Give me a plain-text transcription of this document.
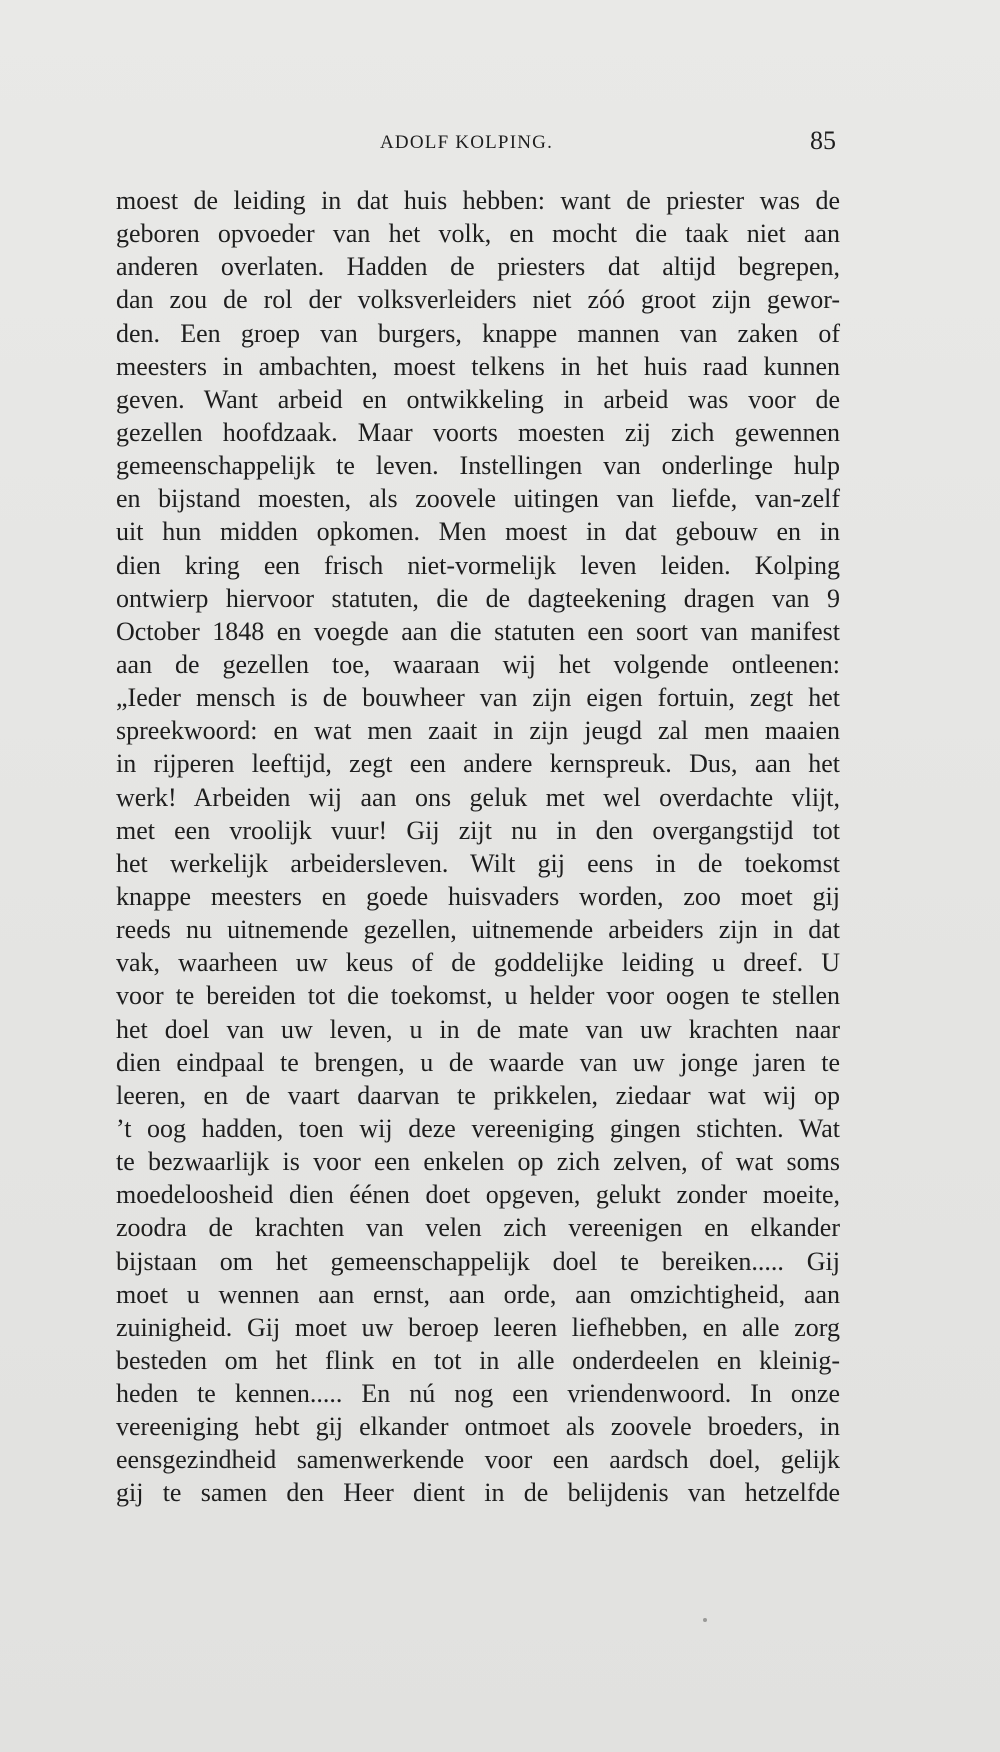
ADOLF KOLPING.	85
moest de leiding in dat huis hebben: want de priester was de
geboren opvoeder van het volk, en mocht die taak niet aan
anderen overlaten. Hadden de priesters dat altijd begrepen,
dan zou de rol der volksverleiders niet zóó groot zijn gewor-
den. Een groep van burgers, knappe mannen van zaken of
meesters in ambachten, moest telkens in het huis raad kunnen
geven. Want arbeid en ontwikkeling in arbeid was voor de
gezellen hoofdzaak. Maar voorts moesten zij zich gewennen
gemeenschappelijk te leven. Instellingen van onderlinge hulp
en bijstand moesten, als zoovele uitingen van liefde, van-zelf
uit hun midden opkomen. Men moest in dat gebouw en in
dien kring een frisch niet-vormelijk leven leiden. Kolping
ontwierp hiervoor statuten, die de dagteekening dragen van 9
October 1848 en voegde aan die statuten een soort van manifest
aan de gezellen toe, waaraan wij het volgende ontleenen:
„Ieder mensch is de bouwheer van zijn eigen fortuin, zegt het
spreekwoord: en wat men zaait in zijn jeugd zal men maaien
in rijperen leeftijd, zegt een andere kernspreuk. Dus, aan het
werk! Arbeiden wij aan ons geluk met wel overdachte vlijt,
met een vroolijk vuur! Gij zijt nu in den overgangstijd tot
het werkelijk arbeidersleven. Wilt gij eens in de toekomst
knappe meesters en goede huisvaders worden, zoo moet gij
reeds nu uitnemende gezellen, uitnemende arbeiders zijn in dat
vak, waarheen uw keus of de goddelijke leiding u dreef. U
voor te bereiden tot die toekomst, u helder voor oogen te stellen
het doel van uw leven, u in de mate van uw krachten naar
dien eindpaal te brengen, u de waarde van uw jonge jaren te
leeren, en de vaart daarvan te prikkelen, ziedaar wat wij op
’t oog hadden, toen wij deze vereeniging gingen stichten. Wat
te bezwaarlijk is voor een enkelen op zich zelven, of wat soms
moedeloosheid dien éénen doet opgeven, gelukt zonder moeite,
zoodra de krachten van velen zich vereenigen en elkander
bijstaan om het gemeenschappelijk doel te bereiken..... Gij
moet u wennen aan ernst, aan orde, aan omzichtigheid, aan
zuinigheid. Gij moet uw beroep leeren liefhebben, en alle zorg
besteden om het flink en tot in alle onderdeelen en kleinig-
heden te kennen..... En nú nog een vriendenwoord. In onze
vereeniging hebt gij elkander ontmoet als zoovele broeders, in
eensgezindheid samenwerkende voor een aardsch doel, gelijk
gij te samen den Heer dient in de belijdenis van hetzelfde
